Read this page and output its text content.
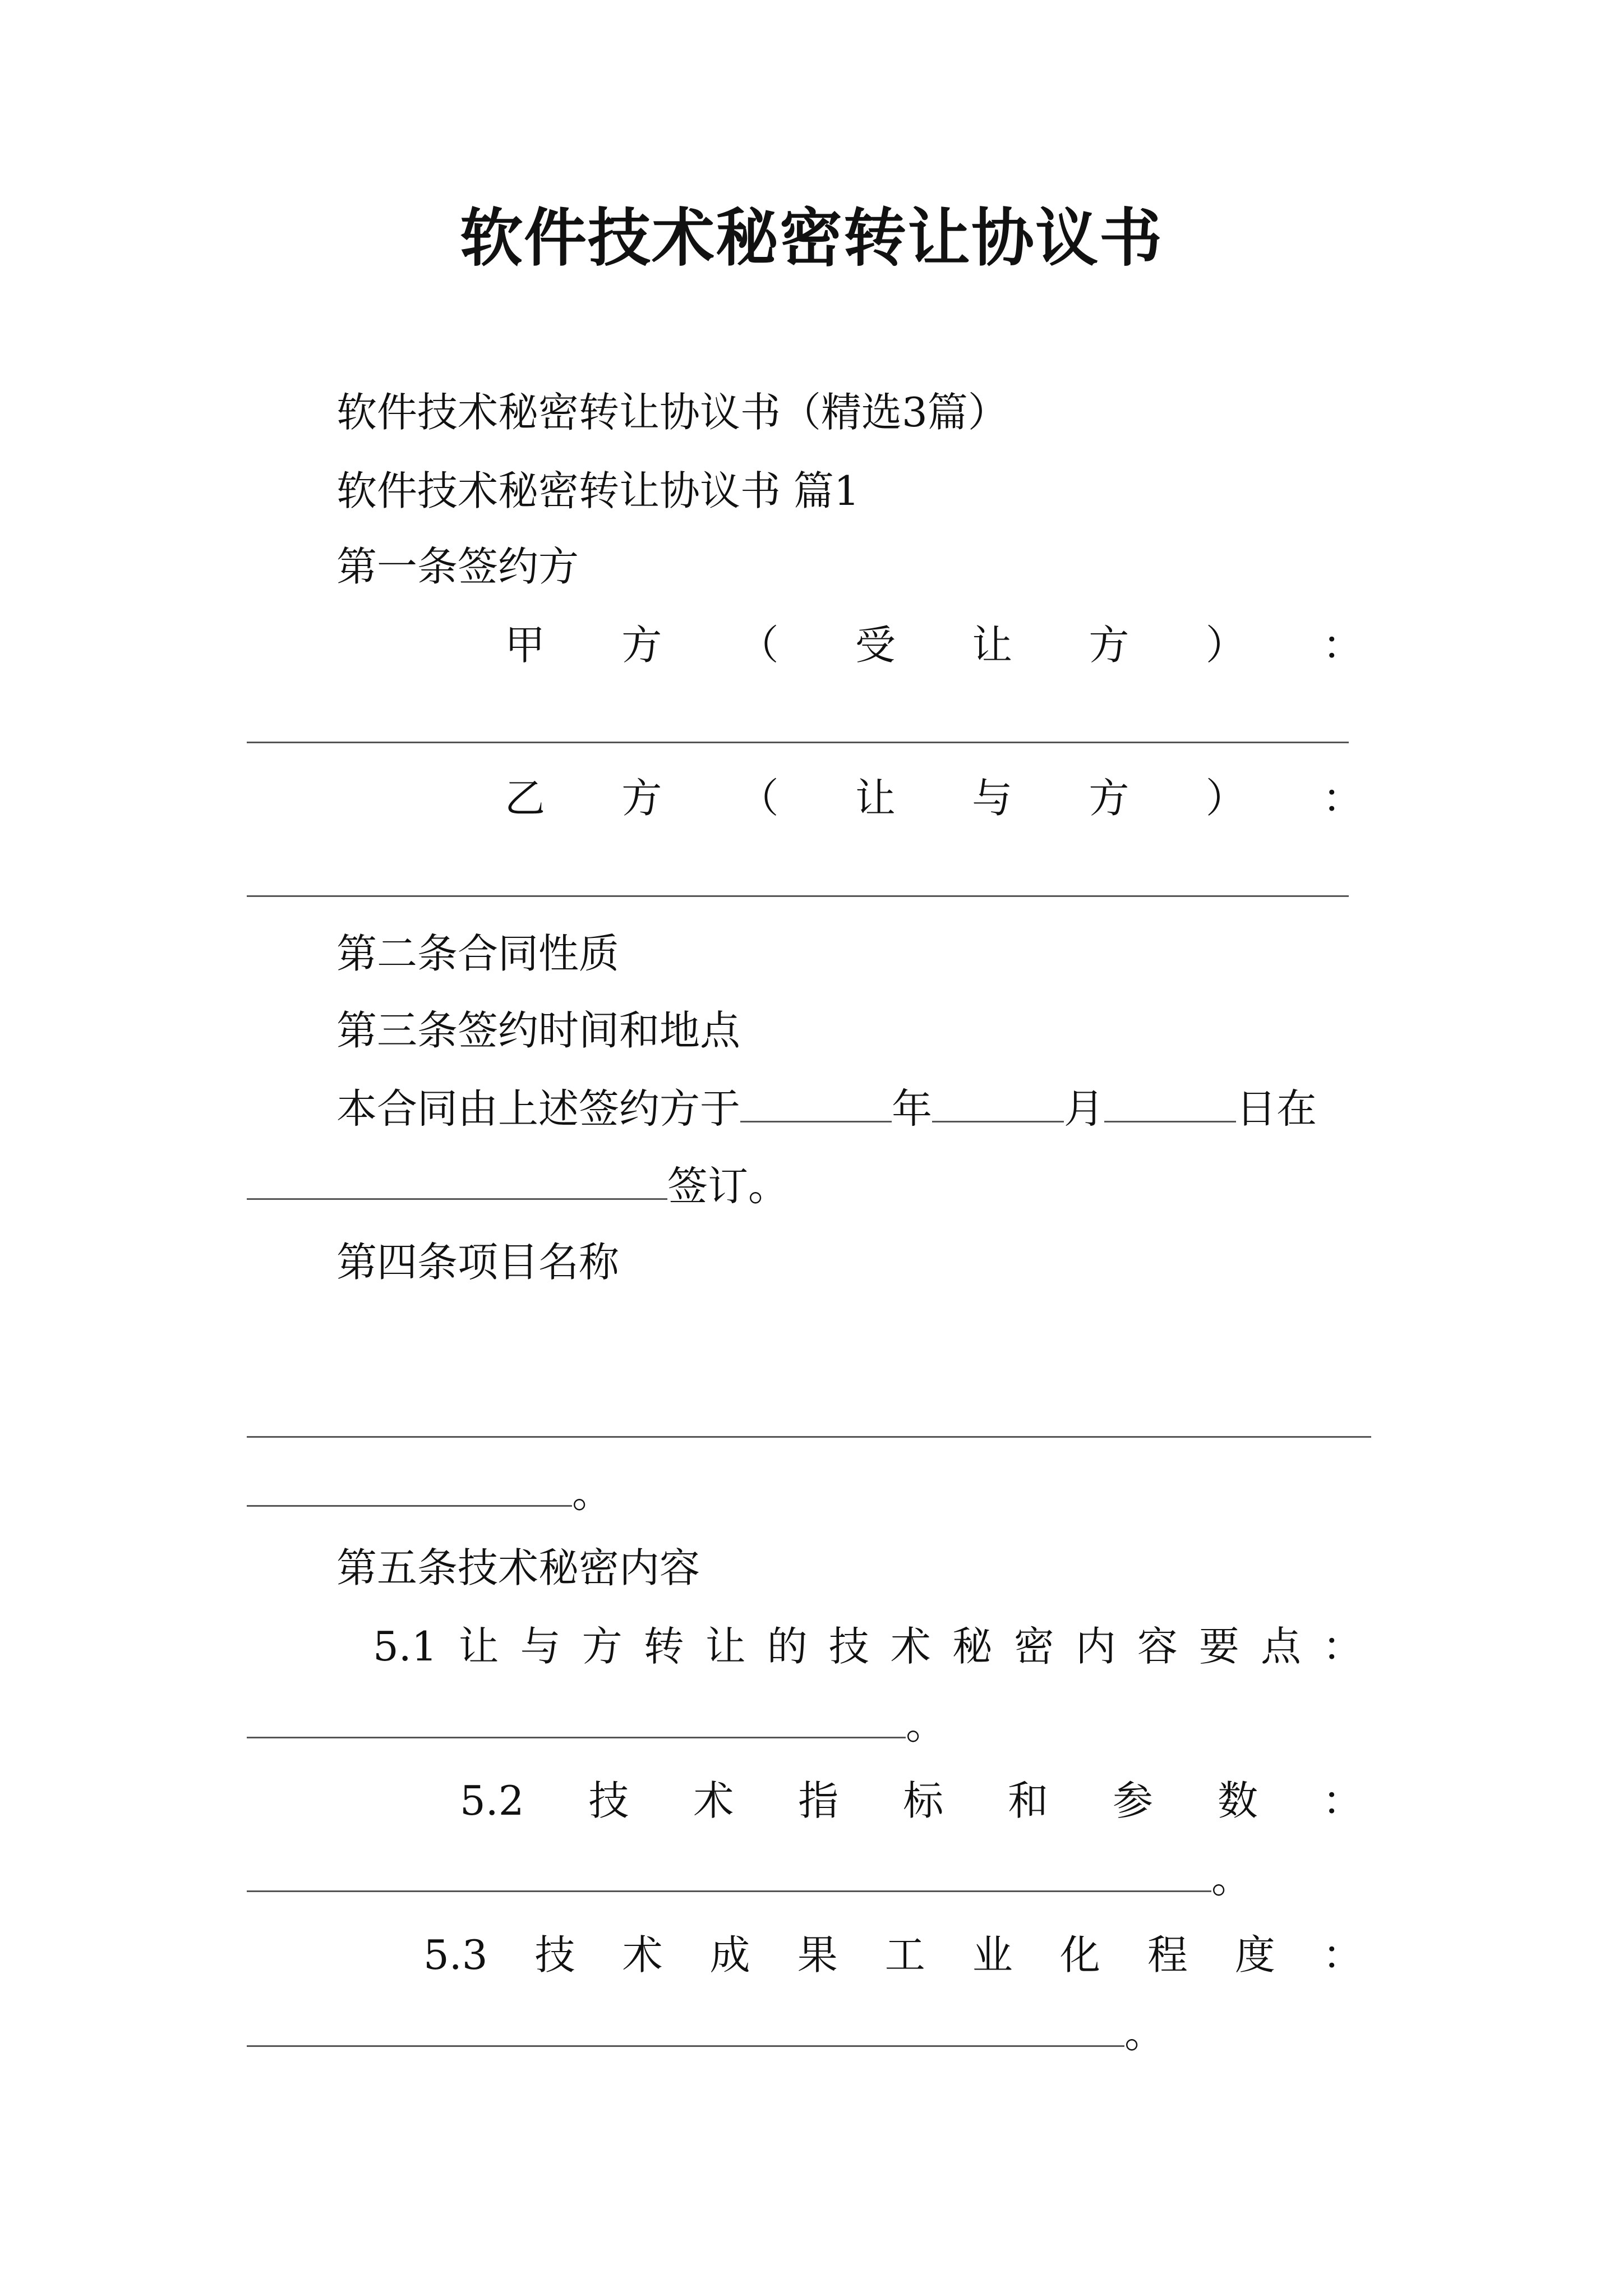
软件技术秘密转让协议书
软件技术秘密转让协议书（精选3篇）
软件技术秘密转让协议书 篇1
第一条签约方
甲 方 （ 受 让 方 ） ：
乙 方 （ 让 与 方 ） ：
第二条合同性质
第三条签约时间和地点
本合同由上述签约方于	年	月	日在
签订。
第四条项目名称
。
第五条技术秘密内容
5.1 让 与 方 转 让 的 技 术 秘 密 内 容 要 点 ：
。
5.2 技 术 指 标 和 参 数 ：
。
5.3 技 术 成 果 工 业 化 程 度 ：
。
